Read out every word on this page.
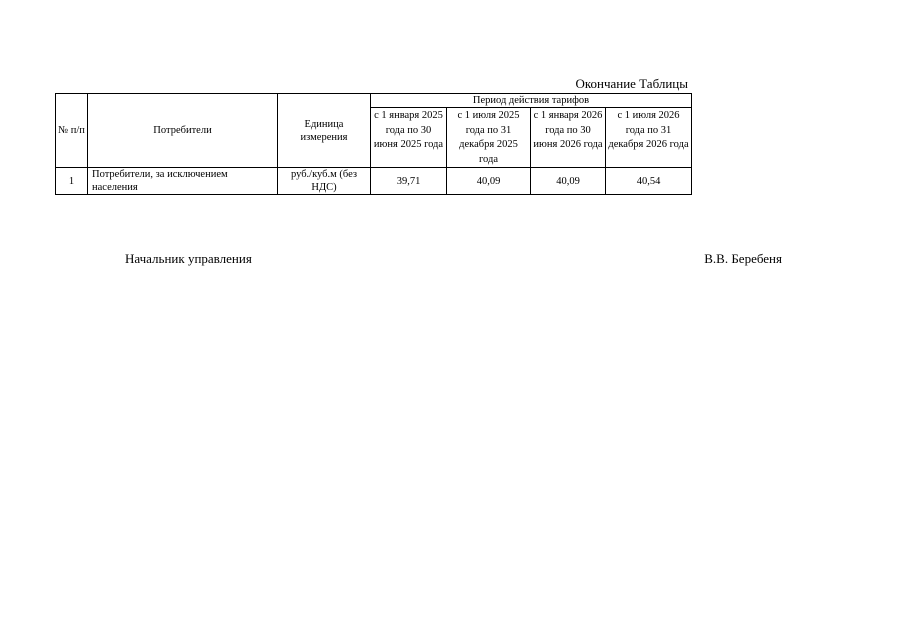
Окончание Таблицы
№ п/п	Потребители	Единица измерения	Период действия тарифов			
			с 1 января 2025 года по 30 июня 2025 года	с 1 июля 2025 года по 31 декабря 2025 года	с 1 января 2026 года по 30 июня 2026 года	с 1 июля 2026 года по 31 декабря 2026 года
1	Потребители, за исключением населения	руб./куб.м (без НДС)	39,71	40,09	40,09	40,54
Начальник управления	В.В. Беребеня
